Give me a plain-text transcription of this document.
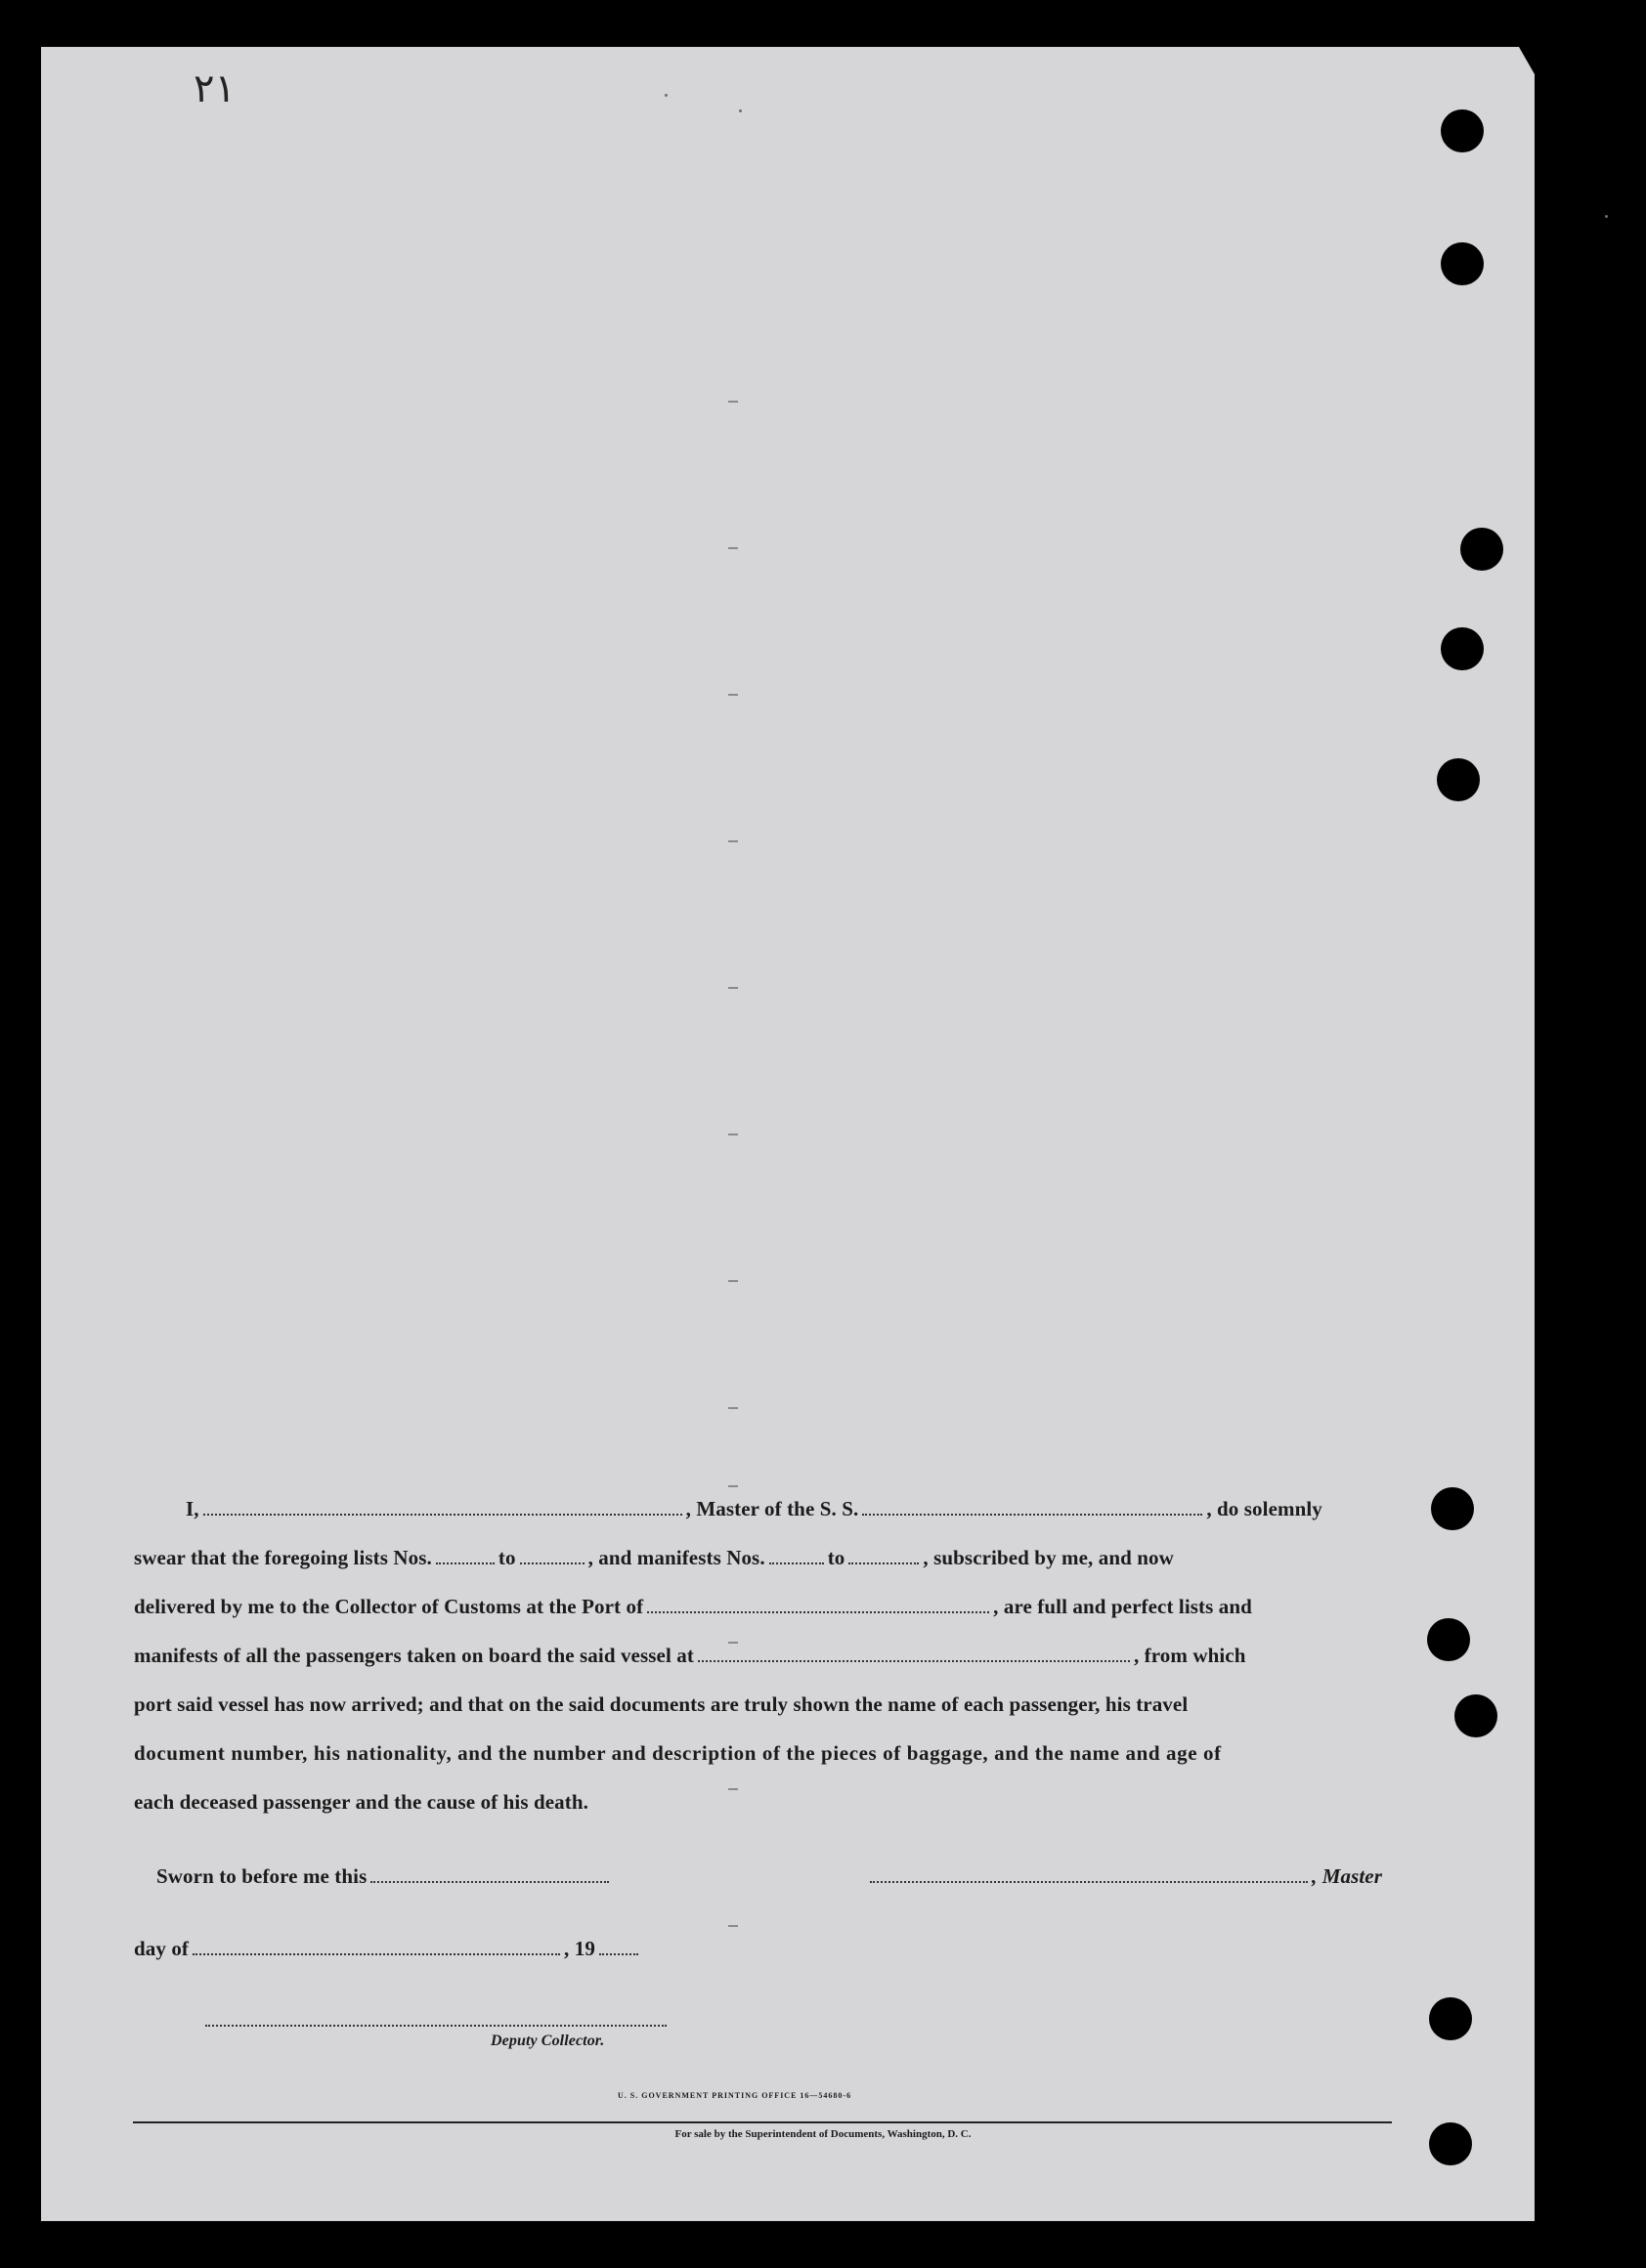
٢١
I,	, Master of the S. S.	, do solemnly
swear that the foregoing lists Nos.	to	, and manifests Nos.	to	, subscribed by me, and now
delivered by me to the Collector of Customs at the Port of	, are full and perfect lists and
manifests of all the passengers taken on board the said vessel at	, from which
port said vessel has now arrived; and that on the said documents are truly shown the name of each passenger, his travel
document number, his nationality, and the number and description of the pieces of baggage, and the name and age of
each deceased passenger and the cause of his death.
Sworn to before me this	, Master
day of	, 19
Deputy Collector.
U. S. GOVERNMENT PRINTING OFFICE 16—54680-6
For sale by the Superintendent of Documents, Washington, D. C.
